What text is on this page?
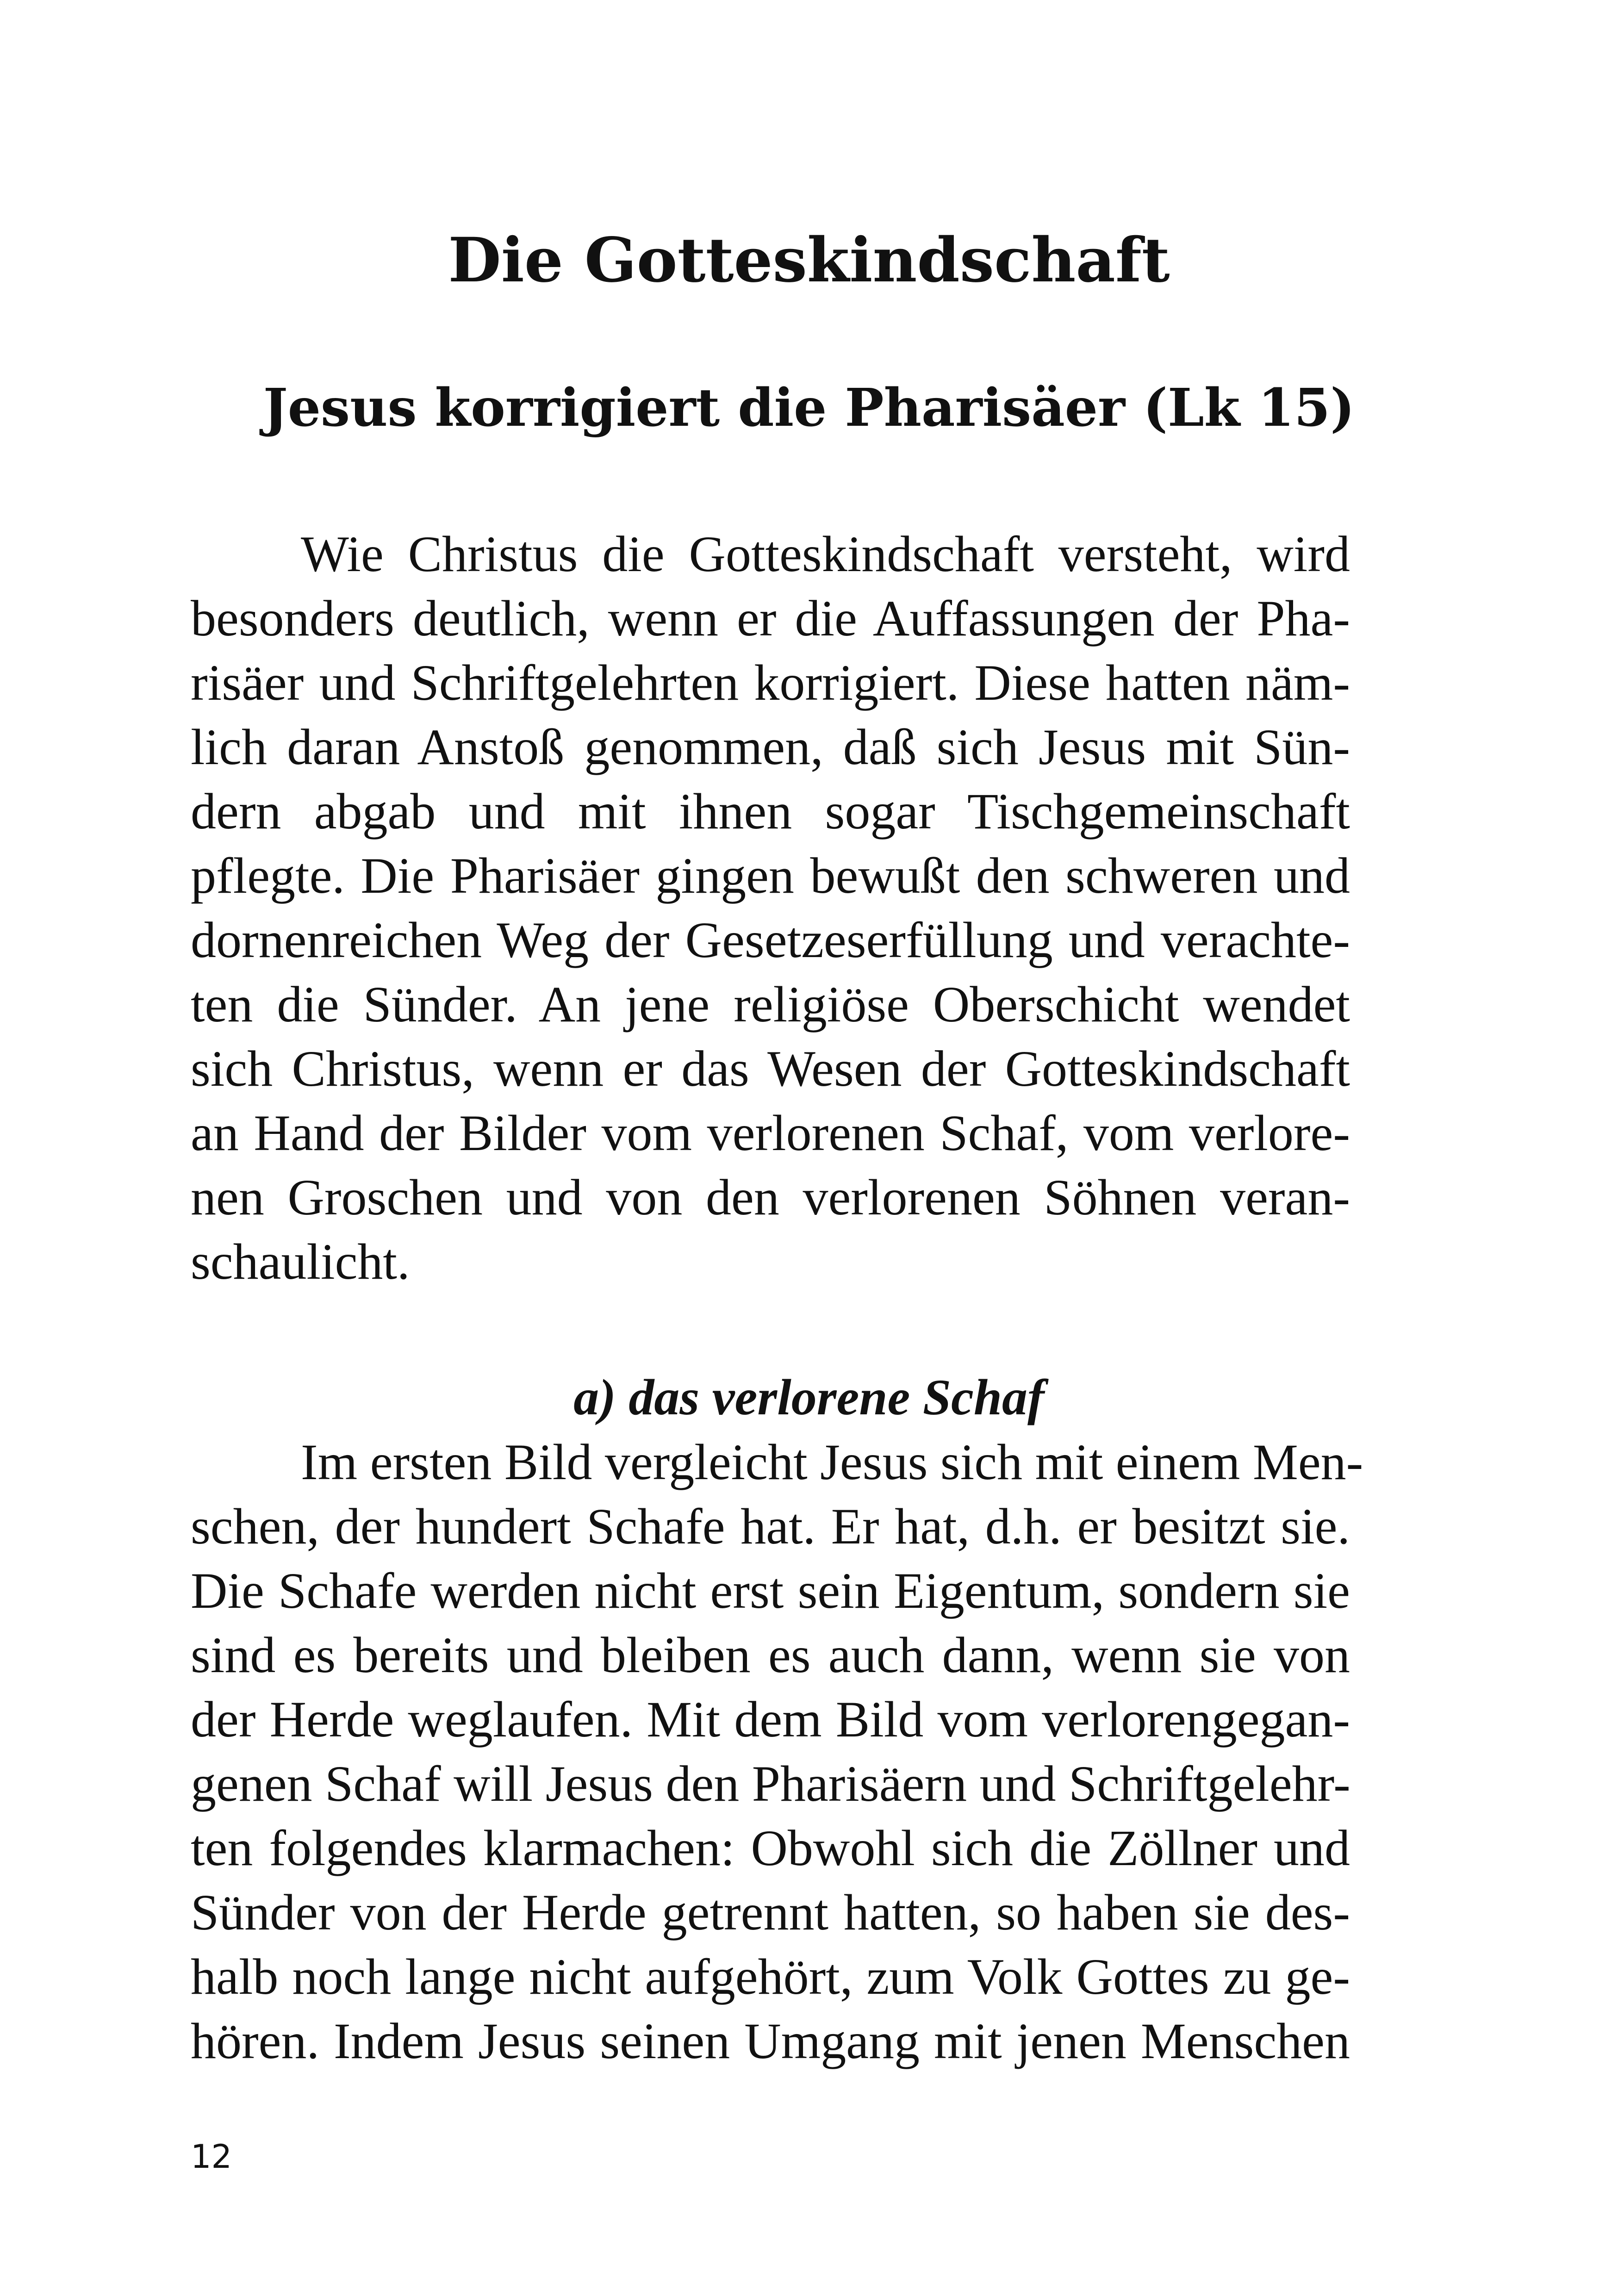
Die Gotteskindschaft
Jesus korrigiert die Pharisäer (Lk 15)
Wie Christus die Gotteskindschaft versteht, wird
besonders deutlich, wenn er die Auffassungen der Pha-
risäer und Schriftgelehrten korrigiert. Diese hatten näm-
lich daran Anstoß genommen, daß sich Jesus mit Sün-
dern abgab und mit ihnen sogar Tischgemeinschaft
pflegte. Die Pharisäer gingen bewußt den schweren und
dornenreichen Weg der Gesetzeserfüllung und verachte-
ten die Sünder. An jene religiöse Oberschicht wendet
sich Christus, wenn er das Wesen der Gotteskindschaft
an Hand der Bilder vom verlorenen Schaf, vom verlore-
nen Groschen und von den verlorenen Söhnen veran-
schaulicht.
a) das verlorene Schaf
Im ersten Bild vergleicht Jesus sich mit einem Men-
schen, der hundert Schafe hat. Er hat, d.h. er besitzt sie.
Die Schafe werden nicht erst sein Eigentum, sondern sie
sind es bereits und bleiben es auch dann, wenn sie von
der Herde weglaufen. Mit dem Bild vom verlorengegan-
genen Schaf will Jesus den Pharisäern und Schriftgelehr-
ten folgendes klarmachen: Obwohl sich die Zöllner und
Sünder von der Herde getrennt hatten, so haben sie des-
halb noch lange nicht aufgehört, zum Volk Gottes zu ge-
hören. Indem Jesus seinen Umgang mit jenen Menschen
12
